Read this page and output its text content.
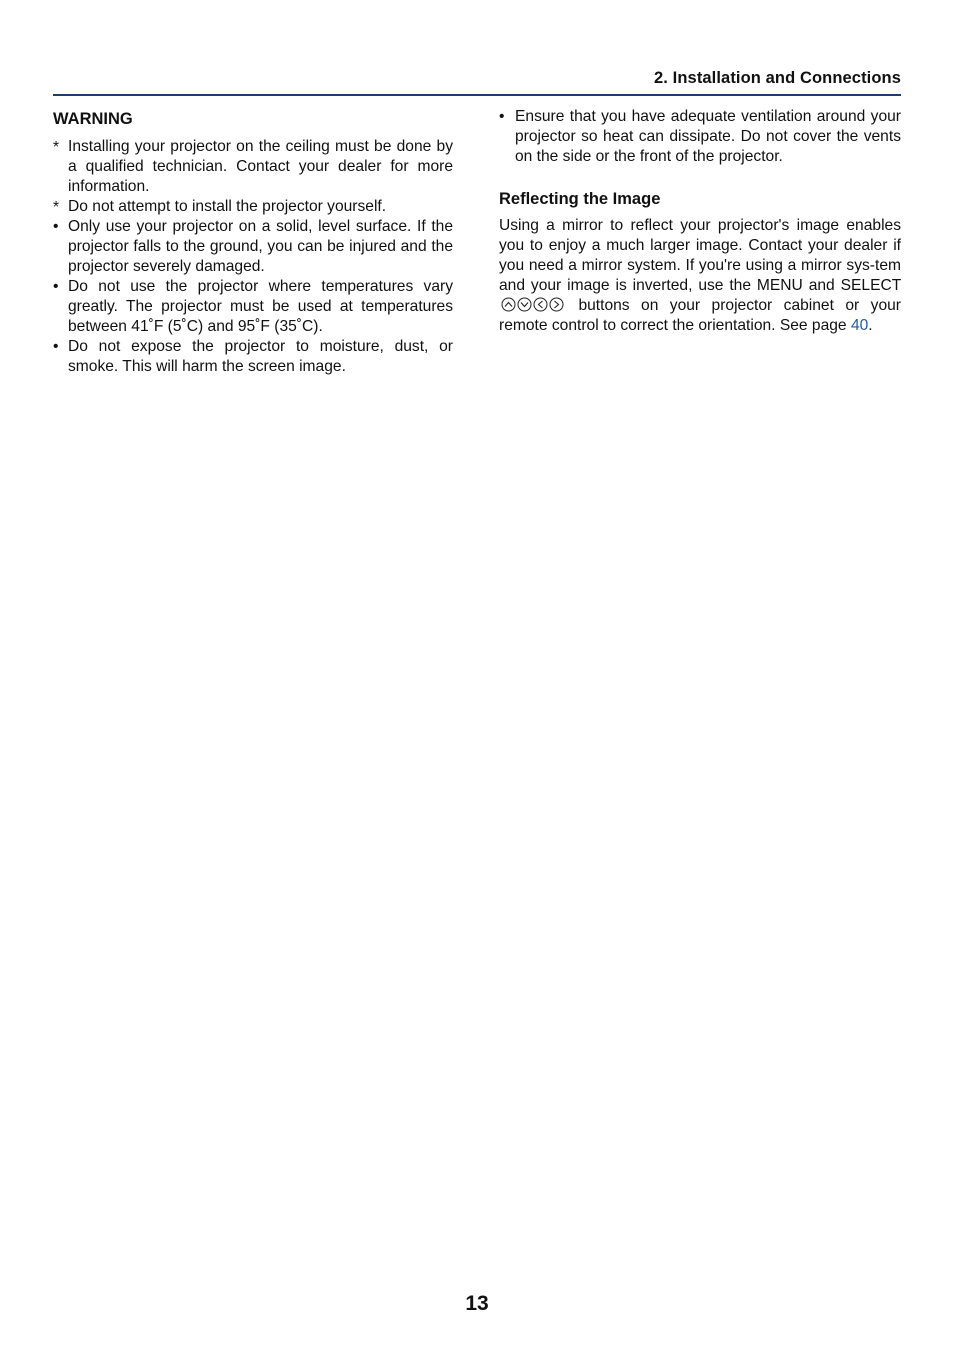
2. Installation and Connections

WARNING

* Installing your projector on the ceiling must be done by a qualified technician. Contact your dealer for more information.
* Do not attempt to install the projector yourself.
• Only use your projector on a solid, level surface. If the projector falls to the ground, you can be injured and the projector severely damaged.
• Do not use the projector where temperatures vary greatly. The projector must be used at temperatures between 41˚F (5˚C) and 95˚F (35˚C).
• Do not expose the projector to moisture, dust, or smoke. This will harm the screen image.
• Ensure that you have adequate ventilation around your projector so heat can dissipate. Do not cover the vents on the side or the front of the projector.

Reflecting the Image

Using a mirror to reflect your projector's image enables you to enjoy a much larger image. Contact your dealer if you need a mirror system. If you're using a mirror sys-tem and your image is inverted, use the MENU and SELECT
buttons on your projector cabinet or your remote control to correct the orientation. See page 40.

13
